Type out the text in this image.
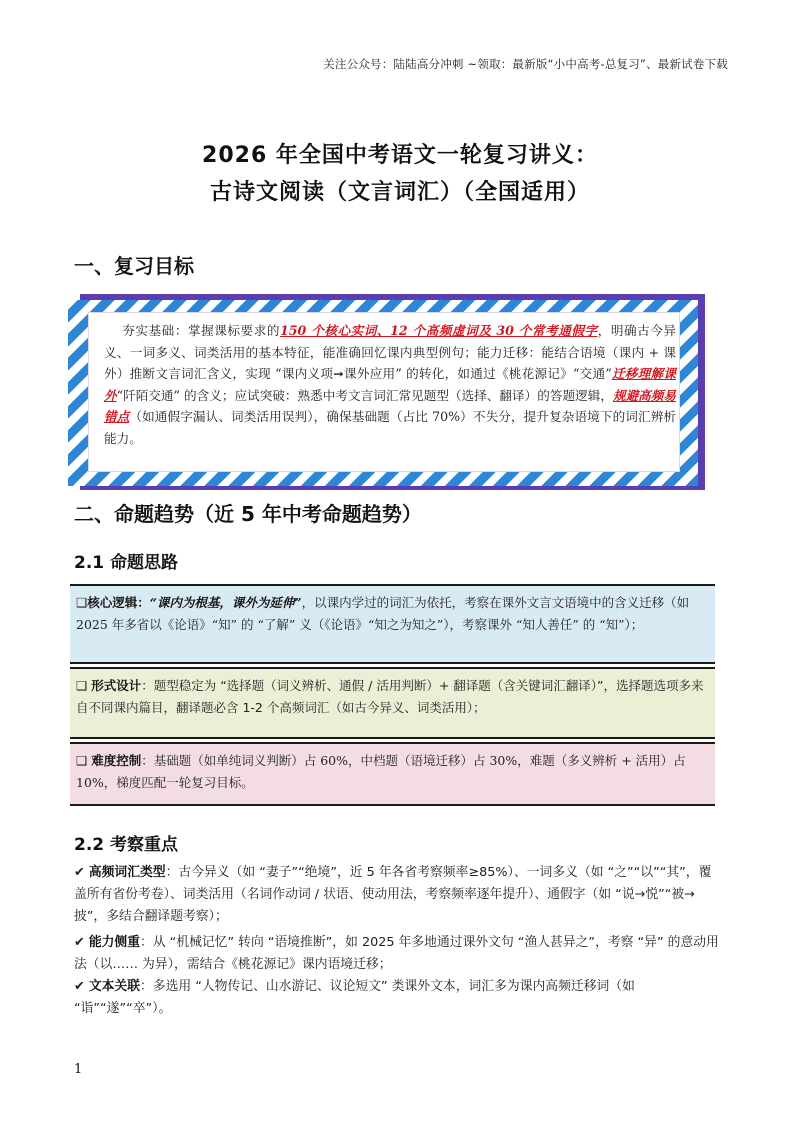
关注公众号：陆陆高分冲刺 ~领取：最新版“小中高考-总复习”、最新试卷下载
2026 年全国中考语文一轮复习讲义：
古诗文阅读（文言词汇）（全国适用）
一、复习目标
夯实基础：掌握课标要求的150 个核心实词、12 个高频虚词及 30 个常考通假字，明确古今异义、一词多义、词类活用的基本特征，能准确回忆课内典型例句；能力迁移：能结合语境（课内 + 课外）推断文言词汇含义，实现 “课内义项➞课外应用” 的转化，如通过《桃花源记》“交通”迁移理解课外“阡陌交通” 的含义；应试突破：熟悉中考文言词汇常见题型（选择、翻译）的答题逻辑，规避高频易错点（如通假字漏认、词类活用误判），确保基础题（占比 70%）不失分，提升复杂语境下的词汇辨析能力。
二、命题趋势（近 5 年中考命题趋势）
2.1 命题思路
❑核心逻辑：“课内为根基，课外为延伸”，以课内学过的词汇为依托，考察在课外文言文语境中的含义迁移（如 2025 年多省以《论语》“知” 的 “了解” 义（《论语》“知之为知之”），考察课外 “知人善任” 的 “知”）；
❑ 形式设计：题型稳定为 “选择题（词义辨析、通假 / 活用判断）+ 翻译题（含关键词汇翻译）”，选择题选项多来自不同课内篇目，翻译题必含 1-2 个高频词汇（如古今异义、词类活用）；
❑ 难度控制：基础题（如单纯词义判断）占 60%，中档题（语境迁移）占 30%，难题（多义辨析 + 活用）占 10%，梯度匹配一轮复习目标。
2.2 考察重点
✔ 高频词汇类型：古今异义（如 “妻子”“绝境”，近 5 年各省考察频率≥85%）、一词多义（如 “之”“以”“其”，覆盖所有省份考卷）、词类活用（名词作动词 / 状语、使动用法，考察频率逐年提升）、通假字（如 “说→悦”“被→披”，多结合翻译题考察）；
✔ 能力侧重：从 “机械记忆” 转向 “语境推断”，如 2025 年多地通过课外文句 “渔人甚异之”，考察 “异” 的意动用法（以…… 为异），需结合《桃花源记》课内语境迁移；
✔ 文本关联：多选用 “人物传记、山水游记、议论短文” 类课外文本，词汇多为课内高频迁移词（如 “诣”“遂”“卒”）。
1
